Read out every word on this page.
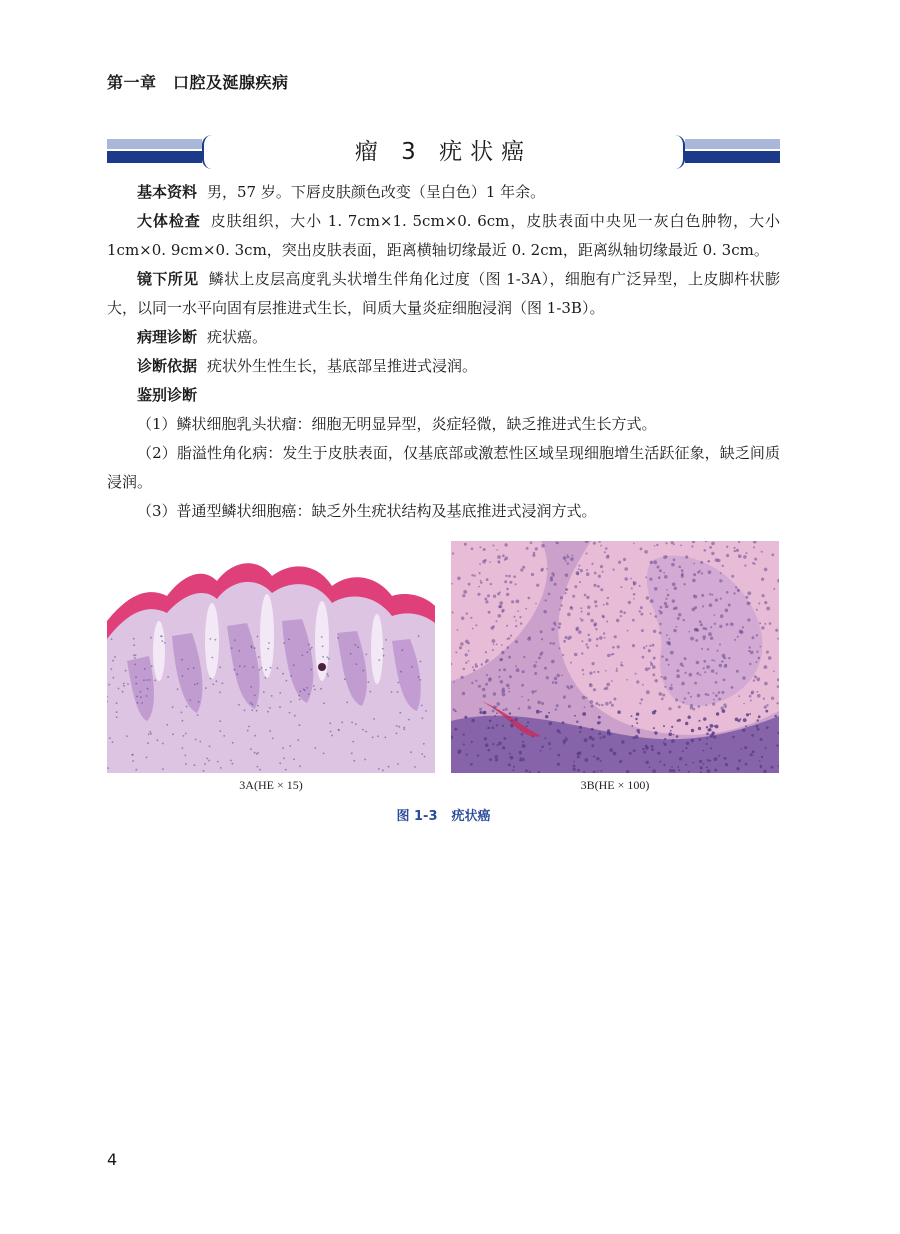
第一章　口腔及涎腺疾病
瘤 3 疣状癌

基本资料 男，57 岁。下唇皮肤颜色改变（呈白色）1 年余。

大体检查 皮肤组织，大小 1. 7cm×1. 5cm×0. 6cm，皮肤表面中央见一灰白色肿物，大小 1cm×0. 9cm×0. 3cm，突出皮肤表面，距离横轴切缘最近 0. 2cm，距离纵轴切缘最近 0. 3cm。

镜下所见 鳞状上皮层高度乳头状增生伴角化过度（图 1-3A），细胞有广泛异型，上皮脚杵状膨大，以同一水平向固有层推进式生长，间质大量炎症细胞浸润（图 1-3B）。

病理诊断 疣状癌。

诊断依据 疣状外生性生长，基底部呈推进式浸润。

鉴别诊断

（1）鳞状细胞乳头状瘤：细胞无明显异型，炎症轻微，缺乏推进式生长方式。

（2）脂溢性角化病：发生于皮肤表面，仅基底部或激惹性区域呈现细胞增生活跃征象，缺乏间质浸润。

（3）普通型鳞状细胞癌：缺乏外生疣状结构及基底推进式浸润方式。

3A(HE × 15)	3B(HE × 100)
图 1-3 疣状癌
4
